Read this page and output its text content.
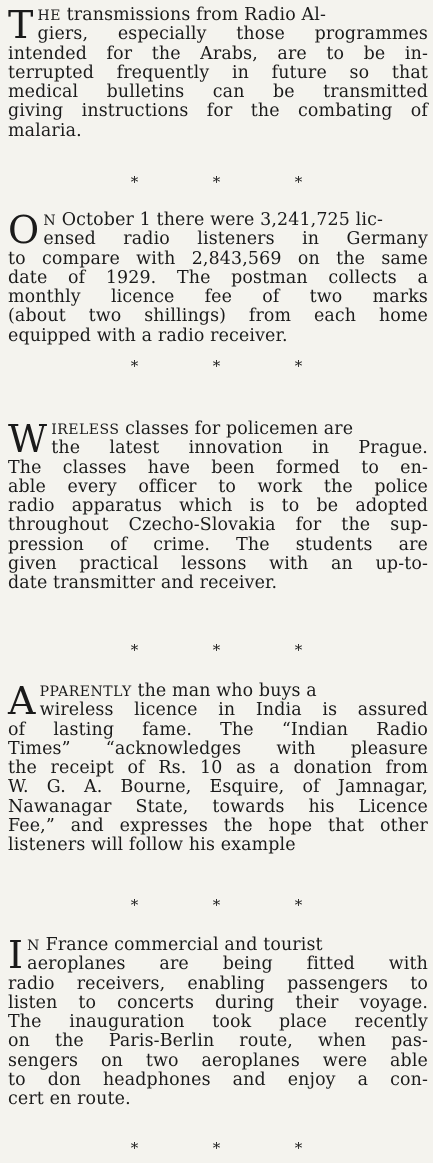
T HE transmissions from Radio Al-
giers, especially those programmes
intended for the Arabs, are to be in-
terrupted frequently in future so that
medical bulletins can be transmitted
giving instructions for the combating of
malaria.
*	*	*
O N October 1 there were 3,241,725 lic-
ensed radio listeners in Germany
to compare with 2,843,569 on the same
date of 1929. The postman collects a
monthly licence fee of two marks
(about two shillings) from each home
equipped with a radio receiver.
*	*	*
W IRELESS classes for policemen are
the latest innovation in Prague.
The classes have been formed to en-
able every officer to work the police
radio apparatus which is to be adopted
throughout Czecho-Slovakia for the sup-
pression of crime. The students are
given practical lessons with an up-to-
date transmitter and receiver.
*	*	*
A PPARENTLY the man who buys a
wireless licence in India is assured
of lasting fame. The “Indian Radio
Times” “acknowledges with pleasure
the receipt of Rs. 10 as a donation from
W. G. A. Bourne, Esquire, of Jamnagar,
Nawanagar State, towards his Licence
Fee,” and expresses the hope that other
listeners will follow his example
*	*	*
I N France commercial and tourist
aeroplanes are being fitted with
radio receivers, enabling passengers to
listen to concerts during their voyage.
The inauguration took place recently
on the Paris-Berlin route, when pas-
sengers on two aeroplanes were able
to don headphones and enjoy a con-
cert en route.
*	*	*
